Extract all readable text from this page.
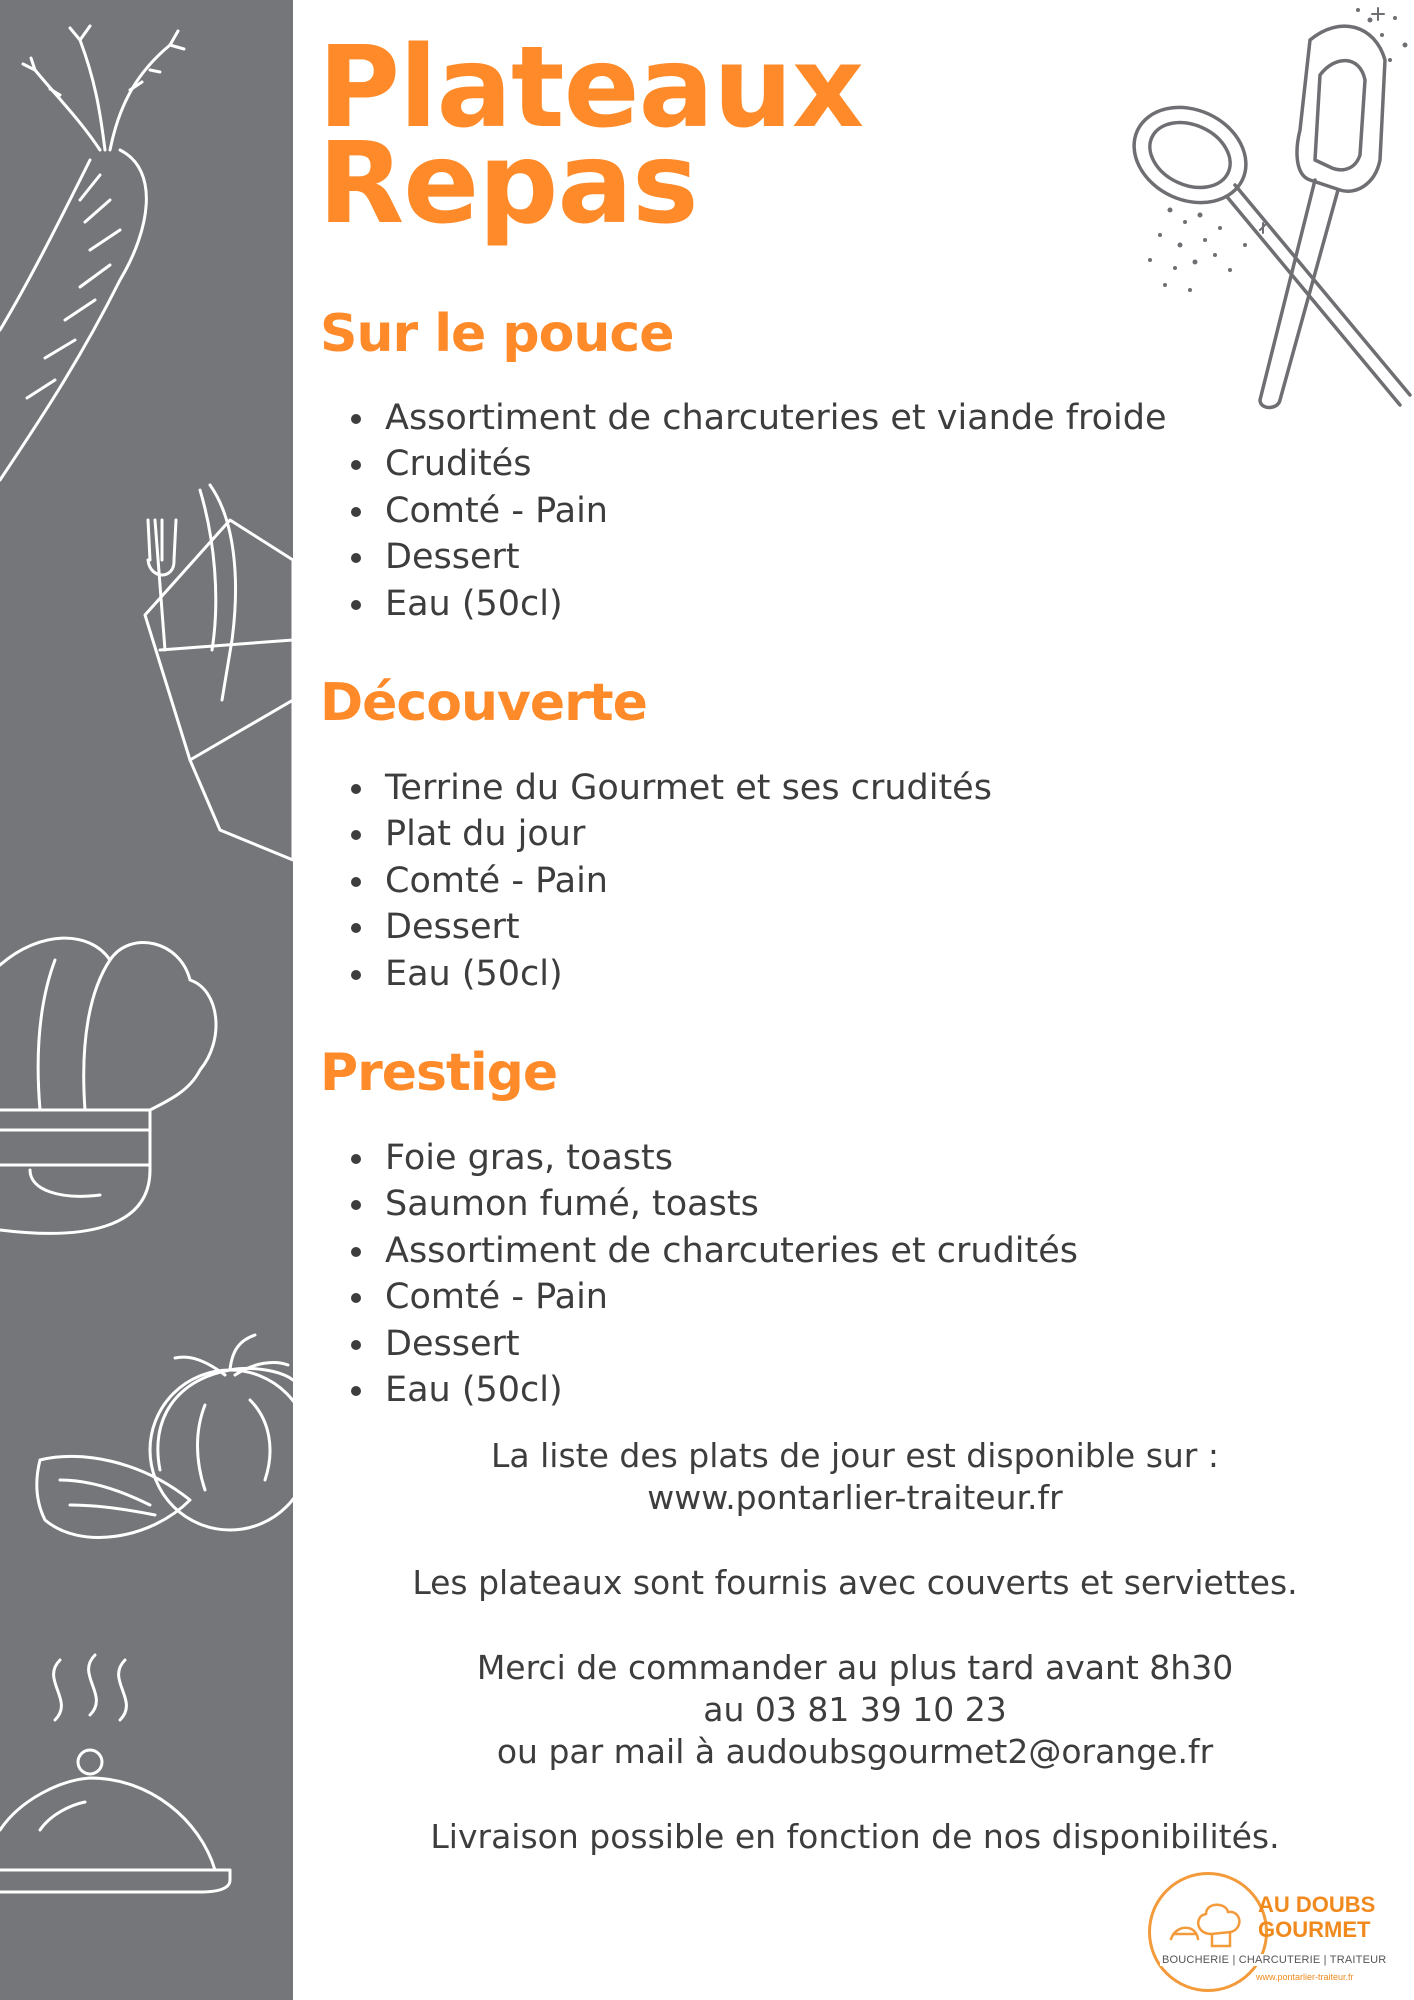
Plateaux
Repas
Sur le pouce
Assortiment de charcuteries et viande froide
Crudités
Comté - Pain
Dessert
Eau (50cl)
Découverte
Terrine du Gourmet et ses crudités
Plat du jour
Comté - Pain
Dessert
Eau (50cl)
Prestige
Foie gras, toasts
Saumon fumé, toasts
Assortiment de charcuteries et crudités
Comté - Pain
Dessert
Eau (50cl)

La liste des plats de jour est disponible sur :

www.pontarlier-traiteur.fr

Les plateaux sont fournis avec couverts et serviettes.

Merci de commander au plus tard avant 8h30

au 03 81 39 10 23

ou par mail à audoubsgourmet2@orange.fr

Livraison possible en fonction de nos disponibilités.

AU DOUBS
GOURMET
BOUCHERIE | CHARCUTERIE | TRAITEUR
www.pontarlier-traiteur.fr
